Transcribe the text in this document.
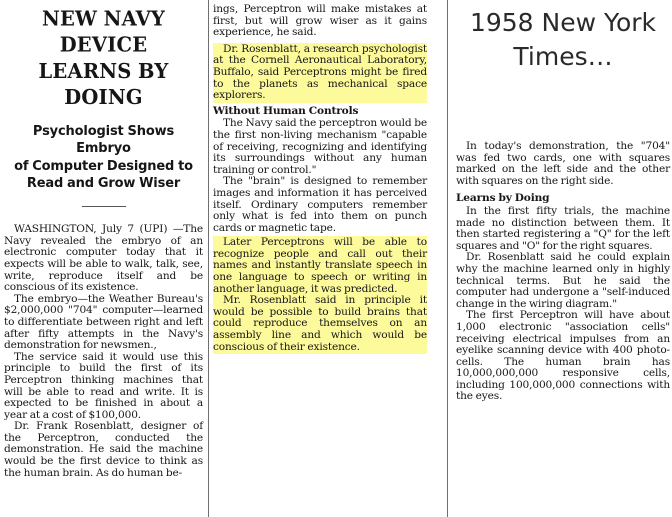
NEW NAVY DEVICE
LEARNS BY DOING
Psychologist Shows Embryo
of Computer Designed to
Read and Grow Wiser

WASHINGTON, July 7 (UPI) —The Navy revealed the embryo of an electronic computer today that it expects will be able to walk, talk, see, write, reproduce itself and be conscious of its existence.

The embryo—the Weather Bureau's $2,000,000 "704" computer—learned to differentiate between right and left after fifty attempts in the Navy's demonstration for newsmen.,

The service said it would use this principle to build the first of its Perceptron thinking machines that will be able to read and write. It is expected to be finished in about a year at a cost of $100,000.

Dr. Frank Rosenblatt, designer of the Perceptron, conducted the demonstration. He said the machine would be the first device to think as the human brain. As do human be-

ings, Perceptron will make mistakes at first, but will grow wiser as it gains experience, he said.

Dr. Rosenblatt, a research psychologist at the Cornell Aeronautical Laboratory, Buffalo, said Perceptrons might be fired to the planets as mechanical space explorers.

Without Human Controls

The Navy said the perceptron would be the first non-living mechanism "capable of receiving, recognizing and identifying its surroundings without any human training or control."

The "brain" is designed to remember images and information it has perceived itself. Ordinary computers remember only what is fed into them on punch cards or magnetic tape.

Later Perceptrons will be able to recognize people and call out their names and instantly translate speech in one language to speech or writing in another language, it was predicted.

Mr. Rosenblatt said in principle it would be possible to build brains that could reproduce themselves on an assembly line and which would be conscious of their existence.

1958 New York
Times…

In today's demonstration, the "704" was fed two cards, one with squares marked on the left side and the other with squares on the right side.

Learns by Doing

In the first fifty trials, the machine made no distinction between them. It then started registering a "Q" for the left squares and "O" for the right squares.

Dr. Rosenblatt said he could explain why the machine learned only in highly technical terms. But he said the computer had undergone a "self-induced change in the wiring diagram."

The first Perceptron will have about 1,000 electronic "association cells" receiving electrical impulses from an eyelike scanning device with 400 photo-cells. The human brain has 10,000,000,000 responsive cells, including 100,000,000 connections with the eyes.
